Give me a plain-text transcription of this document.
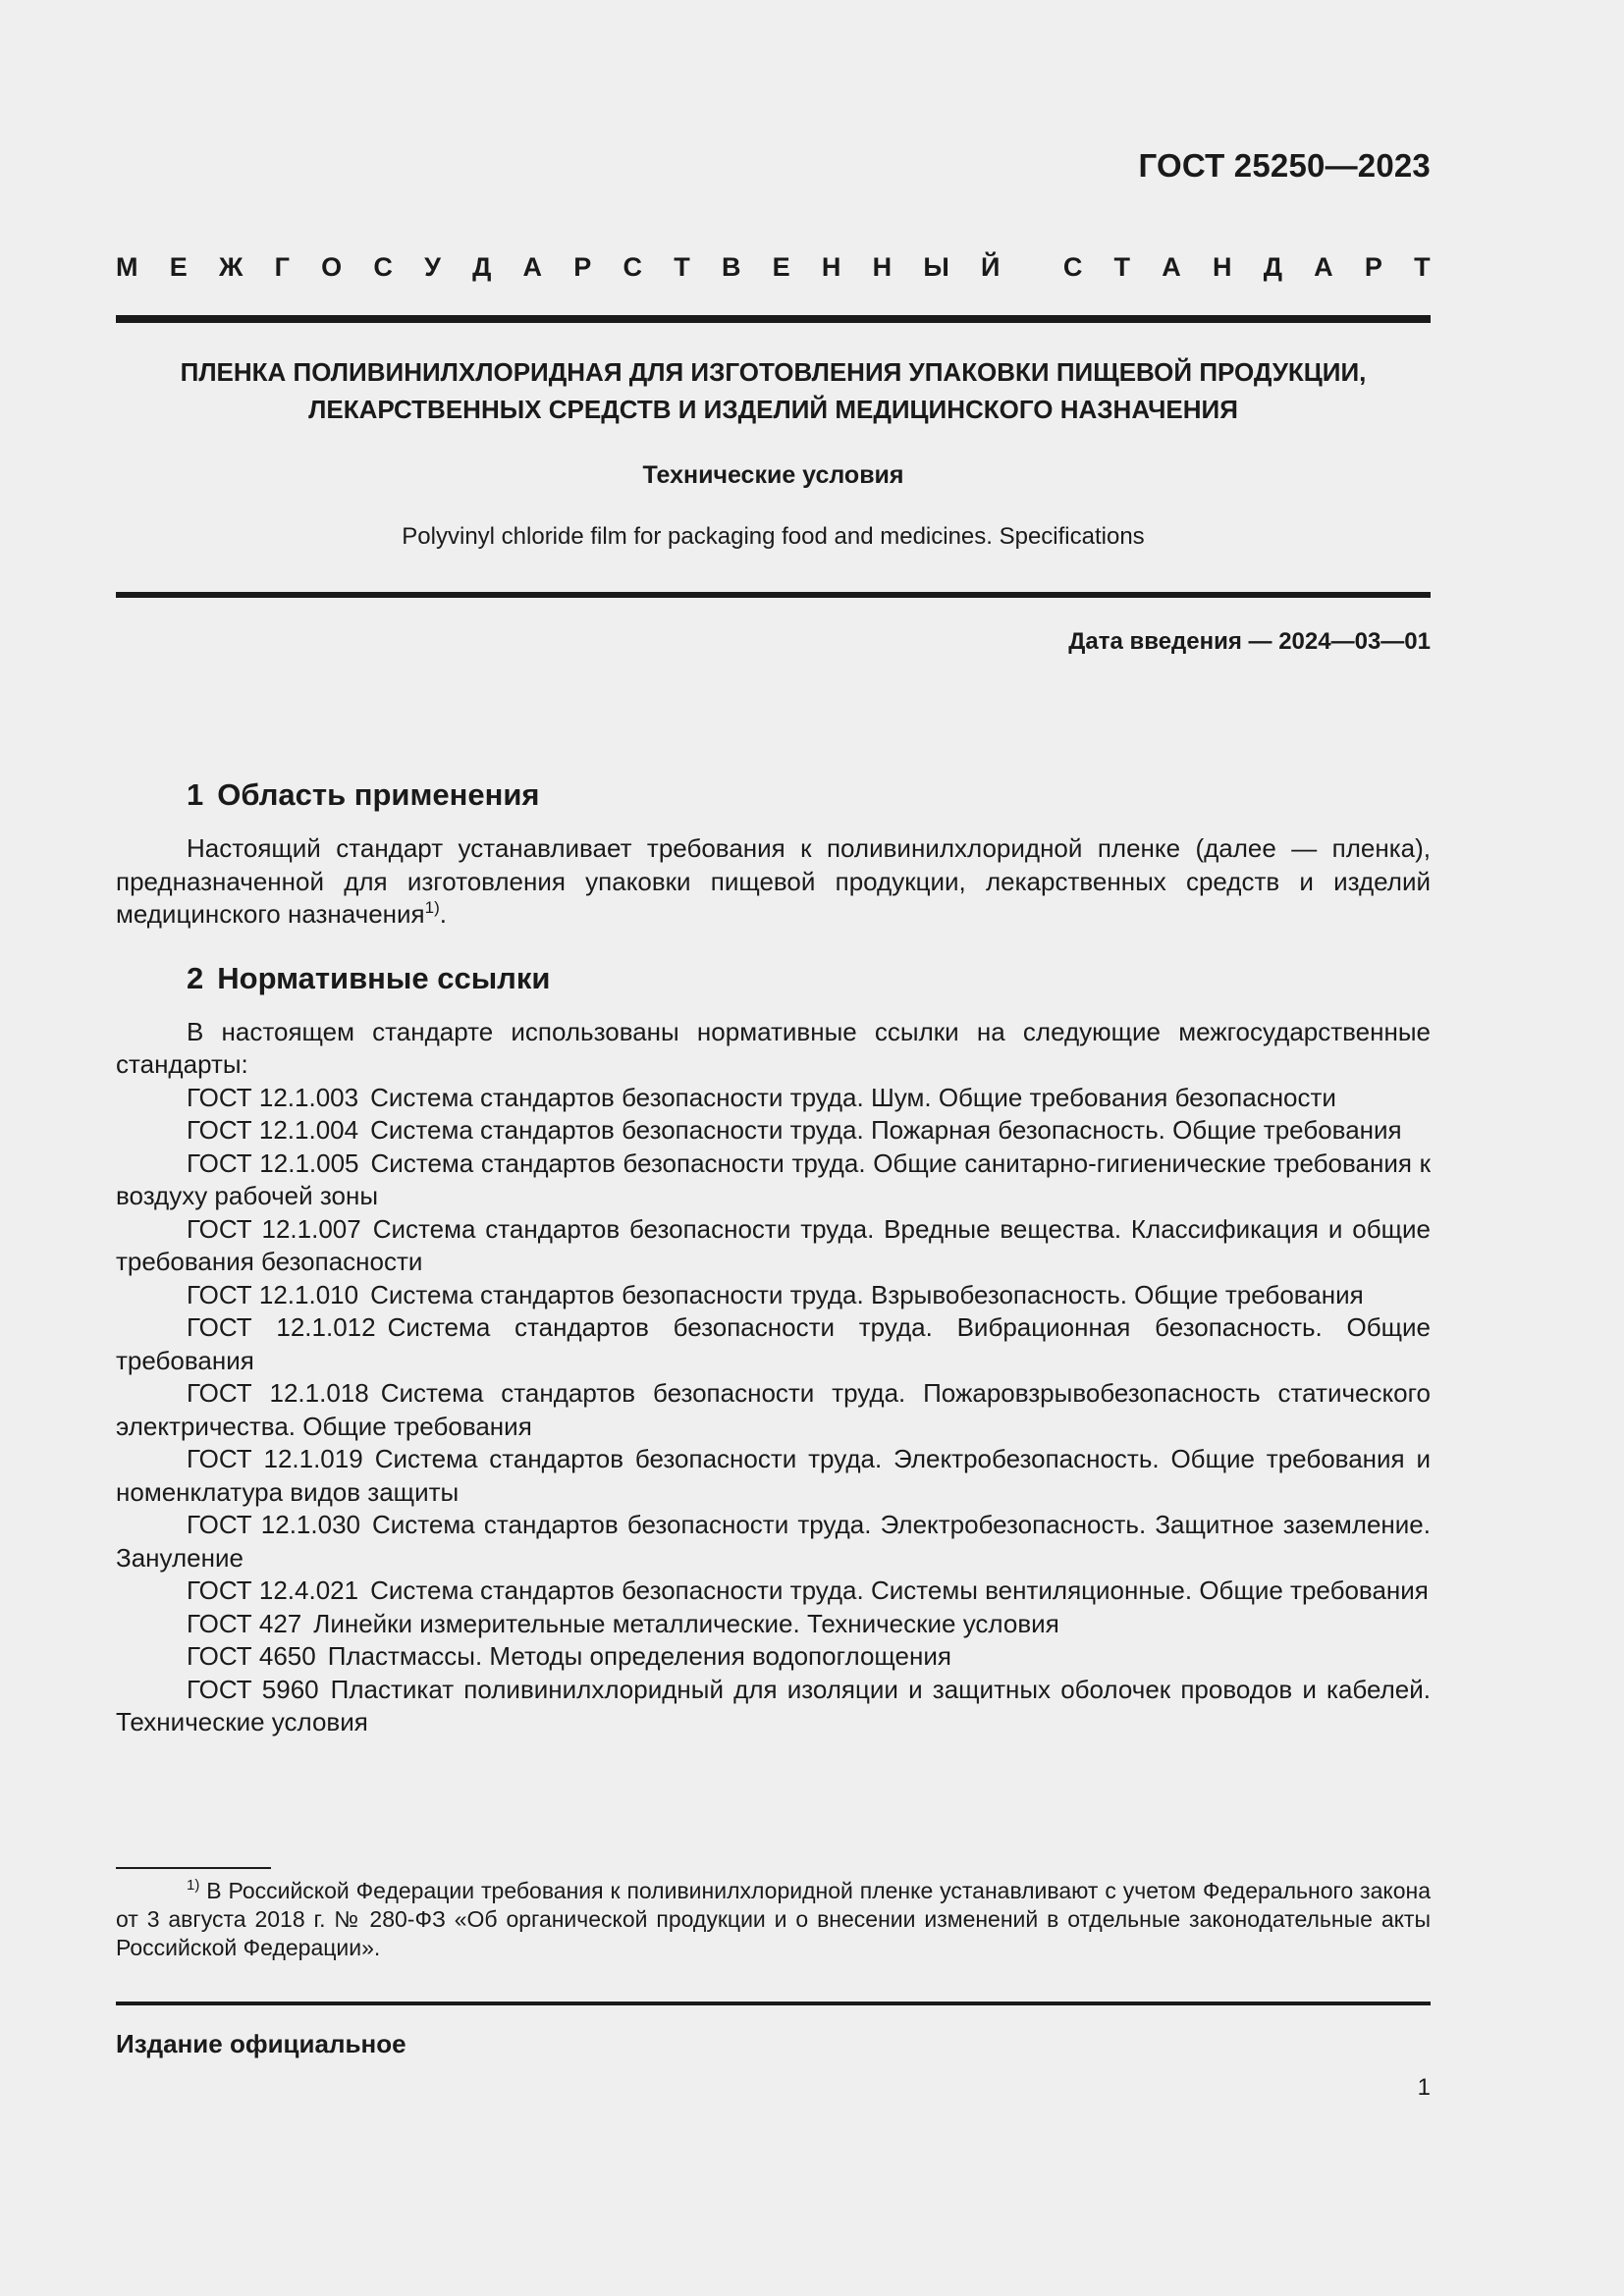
ГОСТ 25250—2023
М Е Ж Г О С У Д А Р С Т В Е Н Н Ы Й С Т А Н Д А Р Т
ПЛЕНКА ПОЛИВИНИЛХЛОРИДНАЯ ДЛЯ ИЗГОТОВЛЕНИЯ УПАКОВКИ ПИЩЕВОЙ ПРОДУКЦИИ,
ЛЕКАРСТВЕННЫХ СРЕДСТВ И ИЗДЕЛИЙ МЕДИЦИНСКОГО НАЗНАЧЕНИЯ
Технические условия
Polyvinyl chloride film for packaging food and medicines. Specifications
Дата введения — 2024—03—01
1 Область применения

Настоящий стандарт устанавливает требования к поливинилхлоридной пленке (далее — пленка), предназначенной для изготовления упаковки пищевой продукции, лекарственных средств и изделий медицинского назначения$^{1)}$.

2 Нормативные ссылки

В настоящем стандарте использованы нормативные ссылки на следующие межгосударственные стандарты:

ГОСТ 12.1.003 Система стандартов безопасности труда. Шум. Общие требования безопасности

ГОСТ 12.1.004 Система стандартов безопасности труда. Пожарная безопасность. Общие требования

ГОСТ 12.1.005 Система стандартов безопасности труда. Общие санитарно-гигиенические требования к воздуху рабочей зоны

ГОСТ 12.1.007 Система стандартов безопасности труда. Вредные вещества. Классификация и общие требования безопасности

ГОСТ 12.1.010 Система стандартов безопасности труда. Взрывобезопасность. Общие требования

ГОСТ 12.1.012 Система стандартов безопасности труда. Вибрационная безопасность. Общие требования

ГОСТ 12.1.018 Система стандартов безопасности труда. Пожаровзрывобезопасность статического электричества. Общие требования

ГОСТ 12.1.019 Система стандартов безопасности труда. Электробезопасность. Общие требования и номенклатура видов защиты

ГОСТ 12.1.030 Система стандартов безопасности труда. Электробезопасность. Защитное заземление. Зануление

ГОСТ 12.4.021 Система стандартов безопасности труда. Системы вентиляционные. Общие требования

ГОСТ 427 Линейки измерительные металлические. Технические условия

ГОСТ 4650 Пластмассы. Методы определения водопоглощения

ГОСТ 5960 Пластикат поливинилхлоридный для изоляции и защитных оболочек проводов и кабелей. Технические условия

$^{1)}$ В Российской Федерации требования к поливинилхлоридной пленке устанавливают с учетом Федерального закона от 3 августа 2018 г. № 280-ФЗ «Об органической продукции и о внесении изменений в отдельные законодательные акты Российской Федерации».

Издание официальное
1
